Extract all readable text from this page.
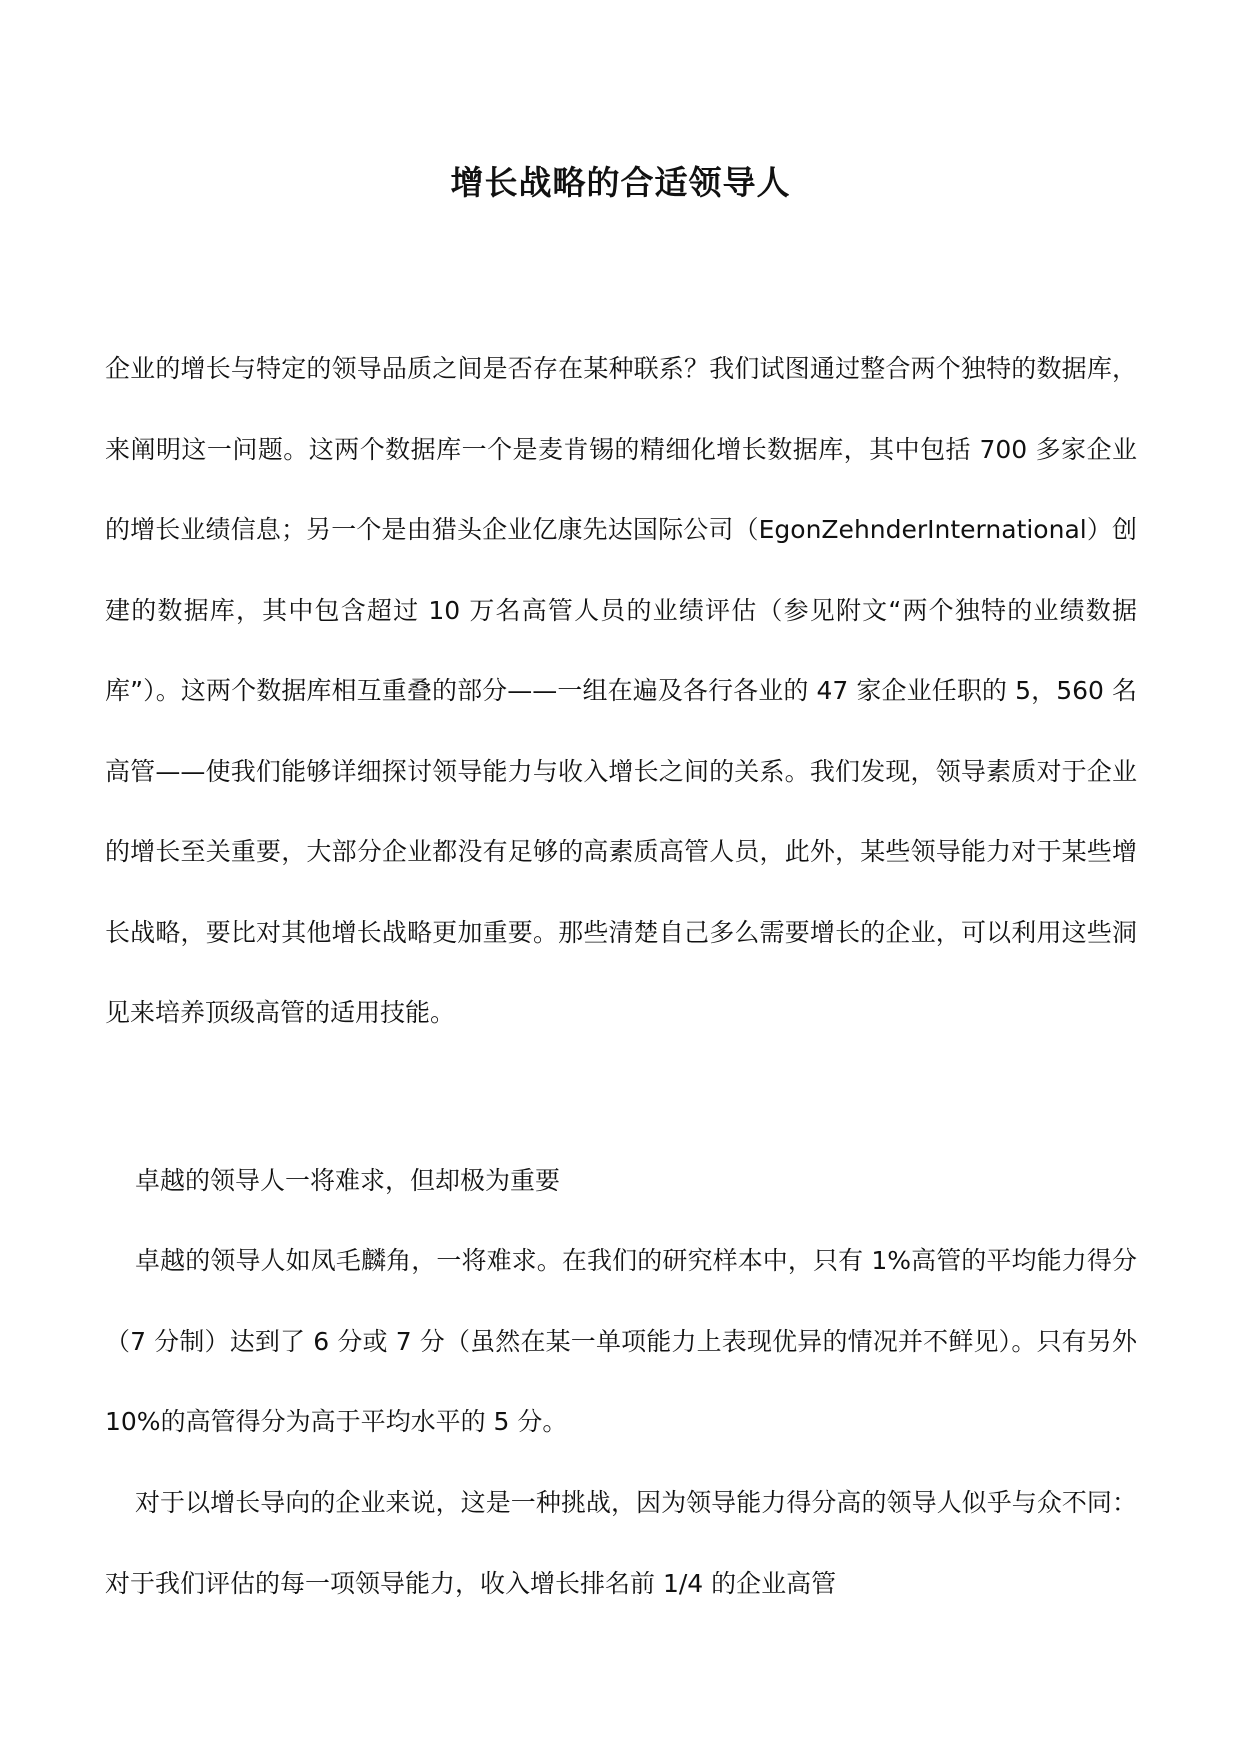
增长战略的合适领导人

企业的增长与特定的领导品质之间是否存在某种联系？我们试图通过整合两个独特的数据库，来阐明这一问题。这两个数据库一个是麦肯锡的精细化增长数据库，其中包括 700 多家企业的增长业绩信息；另一个是由猎头企业亿康先达国际公司（EgonZehnderInternational）创建的数据库，其中包含超过 10 万名高管人员的业绩评估（参见附文“两个独特的业绩数据库”）。这两个数据库相互重叠的部分——一组在遍及各行各业的 47 家企业任职的 5，560 名高管——使我们能够详细探讨领导能力与收入增长之间的关系。我们发现，领导素质对于企业的增长至关重要，大部分企业都没有足够的高素质高管人员，此外，某些领导能力对于某些增长战略，要比对其他增长战略更加重要。那些清楚自己多么需要增长的企业，可以利用这些洞见来培养顶级高管的适用技能。

卓越的领导人一将难求，但却极为重要

卓越的领导人如凤毛麟角，一将难求。在我们的研究样本中，只有 1%高管的平均能力得分（7 分制）达到了 6 分或 7 分（虽然在某一单项能力上表现优异的情况并不鲜见）。只有另外 10%的高管得分为高于平均水平的 5 分。

对于以增长导向的企业来说，这是一种挑战，因为领导能力得分高的领导人似乎与众不同：对于我们评估的每一项领导能力，收入增长排名前 1/4 的企业高管
